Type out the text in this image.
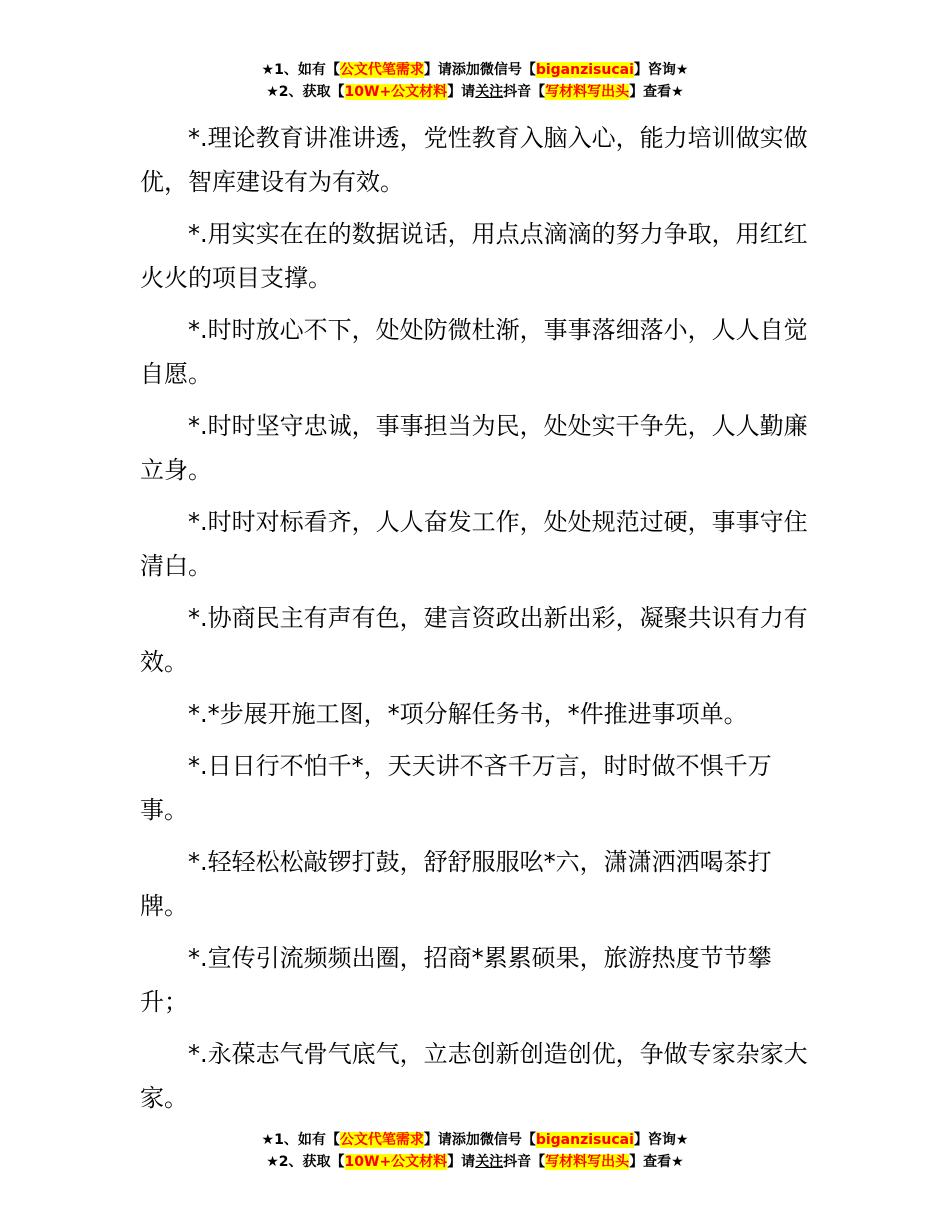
★1、如有【公文代笔需求】请添加微信号【biganzisucai】咨询★
★2、获取【10W+公文材料】请关注抖音【写材料写出头】查看★

*.理论教育讲准讲透，党性教育入脑入心，能力培训做实做优，智库建设有为有效。

*.用实实在在的数据说话，用点点滴滴的努力争取，用红红火火的项目支撑。

*.时时放心不下，处处防微杜渐，事事落细落小，人人自觉自愿。

*.时时坚守忠诚，事事担当为民，处处实干争先，人人勤廉立身。

*.时时对标看齐，人人奋发工作，处处规范过硬，事事守住清白。

*.协商民主有声有色，建言资政出新出彩，凝聚共识有力有效。

*.*步展开施工图，*项分解任务书，*件推进事项单。

*.日日行不怕千*，天天讲不吝千万言，时时做不惧千万事。

*.轻轻松松敲锣打鼓，舒舒服服吆*六，潇潇洒洒喝茶打牌。

*.宣传引流频频出圈，招商*累累硕果，旅游热度节节攀升；

*.永葆志气骨气底气，立志创新创造创优，争做专家杂家大家。

★1、如有【公文代笔需求】请添加微信号【biganzisucai】咨询★
★2、获取【10W+公文材料】请关注抖音【写材料写出头】查看★
